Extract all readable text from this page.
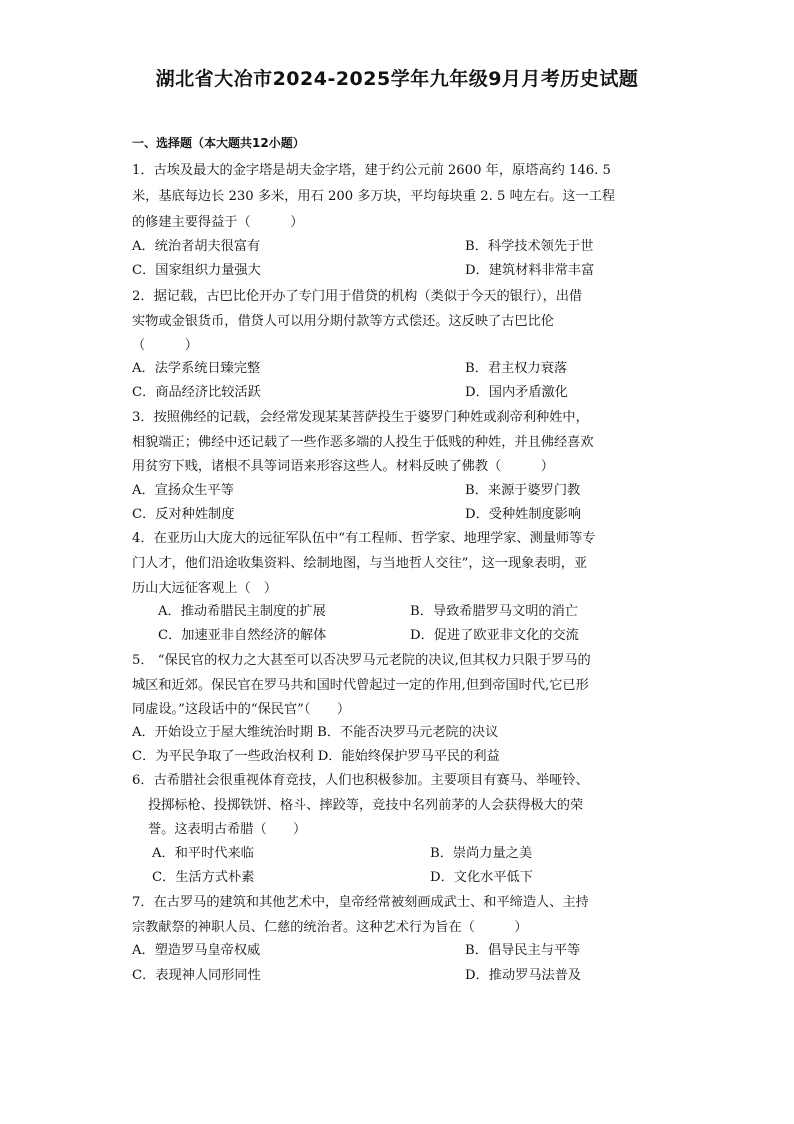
湖北省大冶市2024-2025学年九年级9月月考历史试题
一、选择题（本大题共12小题）
1．古埃及最大的金字塔是胡夫金字塔，建于约公元前 2600 年，原塔高约 146. 5
米，基底每边长 230 多米，用石 200 多万块，平均每块重 2. 5 吨左右。这一工程
的修建主要得益于（　　　）
A．统治者胡夫很富有	B．科学技术领先于世
C．国家组织力量强大	D．建筑材料非常丰富
2．据记载，古巴比伦开办了专门用于借贷的机构（类似于今天的银行），出借
实物或金银货币，借贷人可以用分期付款等方式偿还。这反映了古巴比伦
（　　　）
A．法学系统日臻完整	B．君主权力衰落
C．商品经济比较活跃	D．国内矛盾激化
3．按照佛经的记载，会经常发现某某菩萨投生于婆罗门种姓或刹帝利种姓中，
相貌端正；佛经中还记载了一些作恶多端的人投生于低贱的种姓，并且佛经喜欢
用贫穷下贱，诸根不具等词语来形容这些人。材料反映了佛教（　　　）
A．宣扬众生平等	B．来源于婆罗门教
C．反对种姓制度	D．受种姓制度影响
4．在亚历山大庞大的远征军队伍中“有工程师、哲学家、地理学家、测量师等专
门人才，他们沿途收集资料、绘制地图，与当地哲人交往”，这一现象表明，亚
历山大远征客观上（　）
A．推动希腊民主制度的扩展	B．导致希腊罗马文明的消亡
C．加速亚非自然经济的解体	D．促进了欧亚非文化的交流
5． “保民官的权力之大甚至可以否决罗马元老院的决议,但其权力只限于罗马的
城区和近郊。保民官在罗马共和国时代曾起过一定的作用,但到帝国时代,它已形
同虚设。”这段话中的“保民官”（　　）
A．开始设立于屋大维统治时期 B．不能否决罗马元老院的决议
C．为平民争取了一些政治权利 D．能始终保护罗马平民的利益
6．古希腊社会很重视体育竞技，人们也积极参加。主要项目有赛马、举哑铃、
投掷标枪、投掷铁饼、格斗、摔跤等，竞技中名列前茅的人会获得极大的荣
誉。这表明古希腊（　　）
A．和平时代来临	B．崇尚力量之美
C．生活方式朴素	D．文化水平低下
7．在古罗马的建筑和其他艺术中，皇帝经常被刻画成武士、和平缔造人、主持
宗教献祭的神职人员、仁慈的统治者。这种艺术行为旨在（　　　）
A．塑造罗马皇帝权威	B．倡导民主与平等
C．表现神人同形同性	D．推动罗马法普及
